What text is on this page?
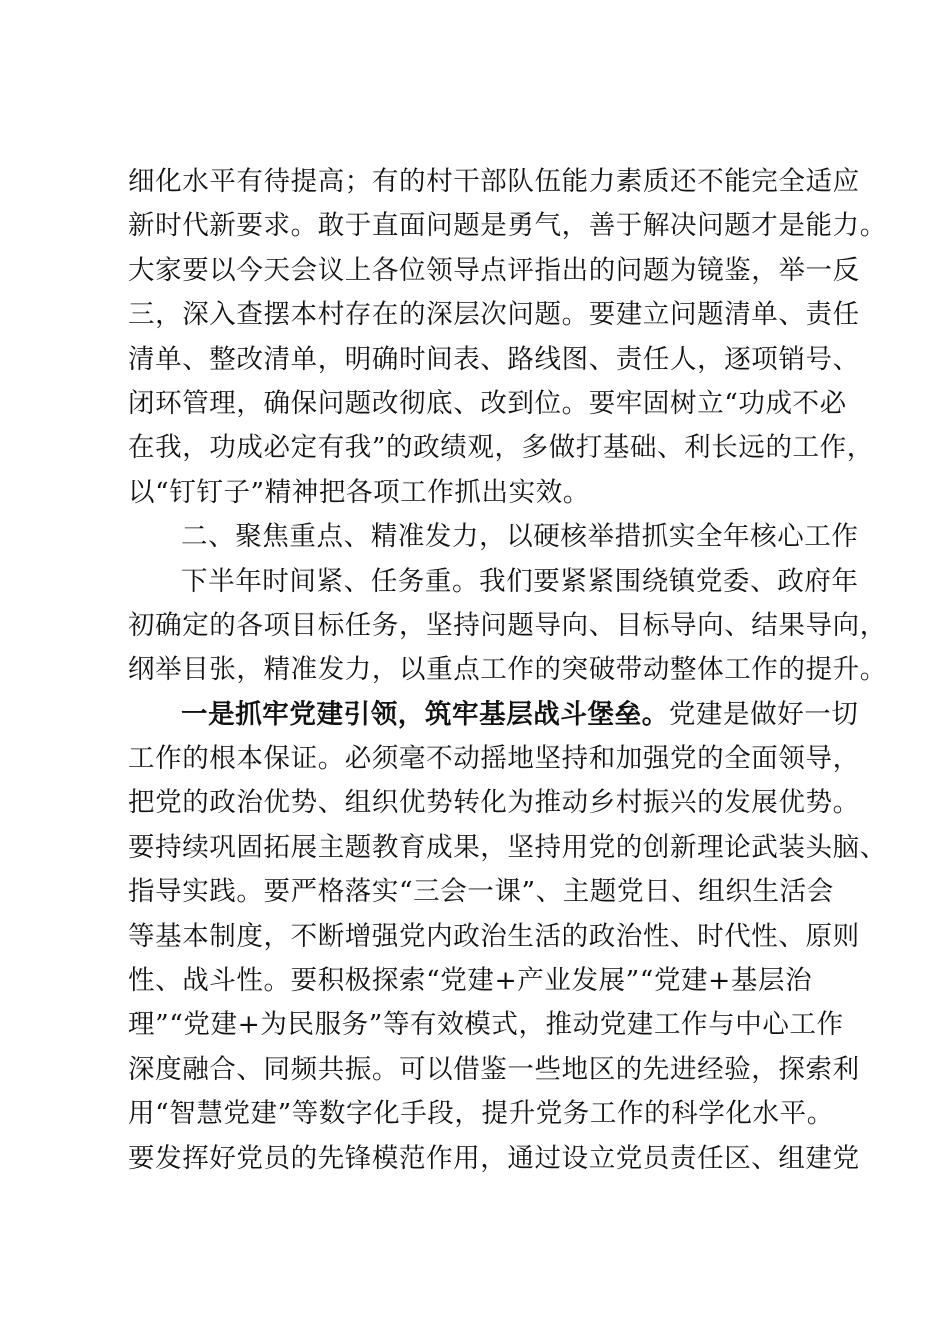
细化水平有待提高；有的村干部队伍能力素质还不能完全适应
新时代新要求。敢于直面问题是勇气，善于解决问题才是能力。
大家要以今天会议上各位领导点评指出的问题为镜鉴，举一反
三，深入查摆本村存在的深层次问题。要建立问题清单、责任
清单、整改清单，明确时间表、路线图、责任人，逐项销号、
闭环管理，确保问题改彻底、改到位。要牢固树立“功成不必
在我，功成必定有我”的政绩观，多做打基础、利长远的工作，
以“钉钉子”精神把各项工作抓出实效。
二、聚焦重点、精准发力，以硬核举措抓实全年核心工作
下半年时间紧、任务重。我们要紧紧围绕镇党委、政府年
初确定的各项目标任务，坚持问题导向、目标导向、结果导向，
纲举目张，精准发力，以重点工作的突破带动整体工作的提升。
一是抓牢党建引领，筑牢基层战斗堡垒。党建是做好一切
工作的根本保证。必须毫不动摇地坚持和加强党的全面领导，
把党的政治优势、组织优势转化为推动乡村振兴的发展优势。
要持续巩固拓展主题教育成果，坚持用党的创新理论武装头脑、
指导实践。要严格落实“三会一课”、主题党日、组织生活会
等基本制度，不断增强党内政治生活的政治性、时代性、原则
性、战斗性。要积极探索“党建+产业发展”“党建+基层治
理”“党建+为民服务”等有效模式，推动党建工作与中心工作
深度融合、同频共振。可以借鉴一些地区的先进经验，探索利
用“智慧党建”等数字化手段，提升党务工作的科学化水平。
要发挥好党员的先锋模范作用，通过设立党员责任区、组建党
